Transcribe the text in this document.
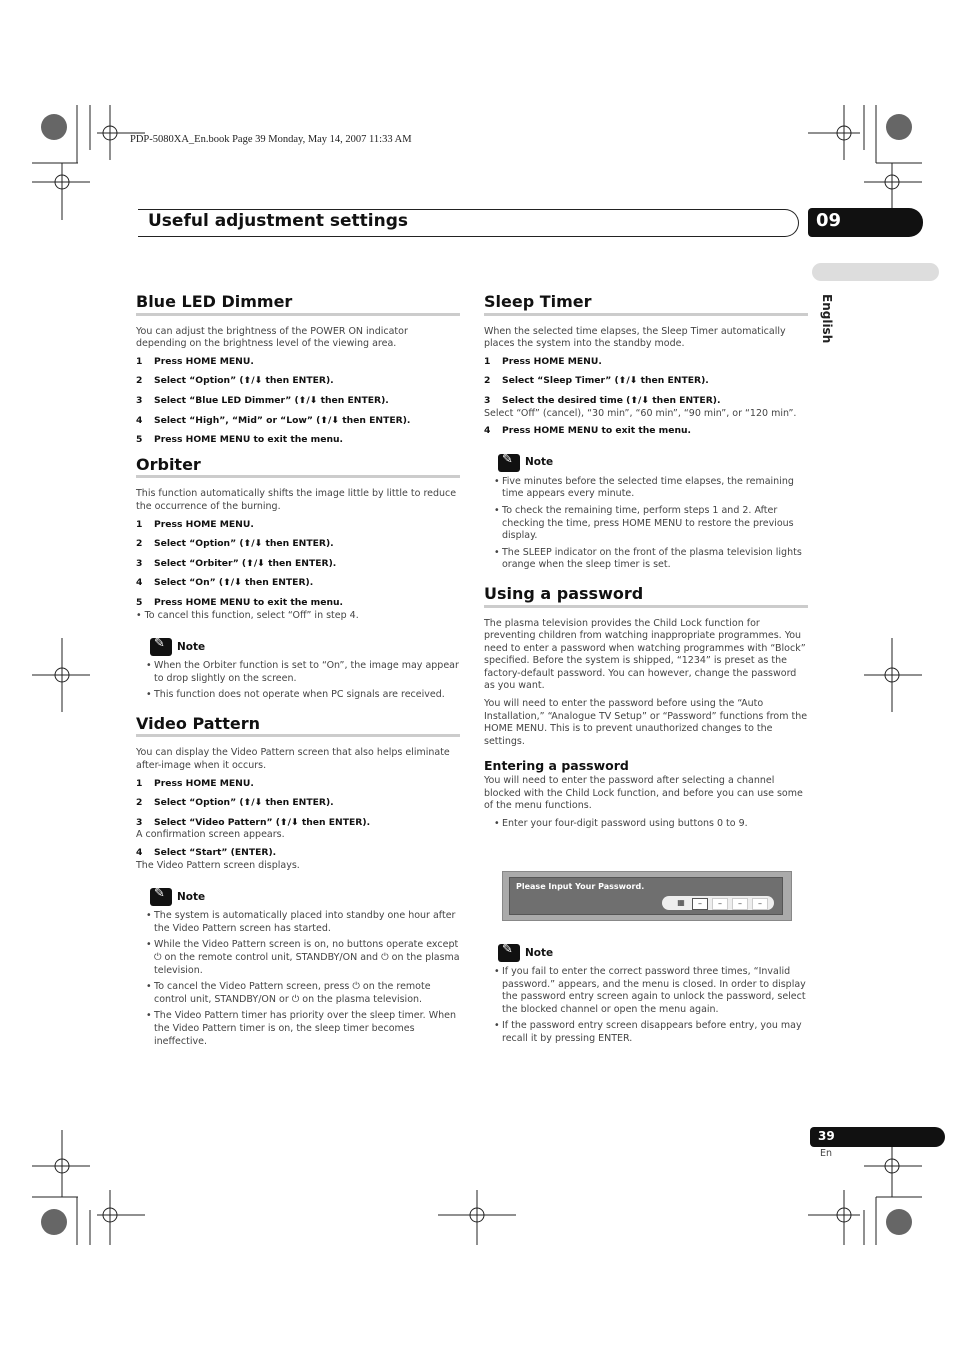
PDP-5080XA_En.book Page 39 Monday, May 14, 2007 11:33 AM
Useful adjustment settings	09
English
Blue LED Dimmer

You can adjust the brightness of the POWER ON indicator depending on the brightness level of the viewing area.

1 Press HOME MENU.
2 Select “Option” (⬆/⬇ then ENTER).
3 Select “Blue LED Dimmer” (⬆/⬇ then ENTER).
4 Select “High”, “Mid” or “Low” (⬆/⬇ then ENTER).
5 Press HOME MENU to exit the menu.
Orbiter

This function automatically shifts the image little by little to reduce the occurrence of the burning.

1 Press HOME MENU.
2 Select “Option” (⬆/⬇ then ENTER).
3 Select “Orbiter” (⬆/⬇ then ENTER).
4 Select “On” (⬆/⬇ then ENTER).
5 Press HOME MENU to exit the menu.

• To cancel this function, select “Off” in step 4.

✎
Note
• When the Orbiter function is set to “On”, the image may appear to drop slightly on the screen.
• This function does not operate when PC signals are received.
Video Pattern

You can display the Video Pattern screen that also helps eliminate after-image when it occurs.

1 Press HOME MENU.
2 Select “Option” (⬆/⬇ then ENTER).
3 Select “Video Pattern” (⬆/⬇ then ENTER).

A confirmation screen appears.

4 Select “Start” (ENTER).

The Video Pattern screen displays.

✎
Note
• The system is automatically placed into standby one hour after the Video Pattern screen has started.
• While the Video Pattern screen is on, no buttons operate except ⏻ on the remote control unit, STANDBY/ON and ⏻ on the plasma television.
• To cancel the Video Pattern screen, press ⏻ on the remote control unit, STANDBY/ON or ⏻ on the plasma television.
• The Video Pattern timer has priority over the sleep timer. When the Video Pattern timer is on, the sleep timer becomes ineffective.
Sleep Timer

When the selected time elapses, the Sleep Timer automatically places the system into the standby mode.

1 Press HOME MENU.
2 Select “Sleep Timer” (⬆/⬇ then ENTER).
3 Select the desired time (⬆/⬇ then ENTER).

Select “Off” (cancel), “30 min”, “60 min”, “90 min”, or “120 min”.

4 Press HOME MENU to exit the menu.
✎
Note
• Five minutes before the selected time elapses, the remaining time appears every minute.
• To check the remaining time, perform steps 1 and 2. After checking the time, press HOME MENU to restore the previous display.
• The SLEEP indicator on the front of the plasma television lights orange when the sleep timer is set.
Using a password

The plasma television provides the Child Lock function for preventing children from watching inappropriate programmes. You need to enter a password when watching programmes with “Block” specified. Before the system is shipped, “1234” is preset as the factory-default password. You can however, change the password as you want.

You will need to enter the password before using the “Auto Installation,” “Analogue TV Setup” or “Password” functions from the HOME MENU. This is to prevent unauthorized changes to the settings.

Entering a password

You will need to enter the password after selecting a channel blocked with the Child Lock function, and before you can use some of the menu functions.

• Enter your four-digit password using buttons 0 to 9.
Please Input Your Password.
▦	–	–	–	–
✎
Note
• If you fail to enter the correct password three times, “Invalid password.” appears, and the menu is closed. In order to display the password entry screen again to unlock the password, select the blocked channel or open the menu again.
• If the password entry screen disappears before entry, you may recall it by pressing ENTER.
39
En
